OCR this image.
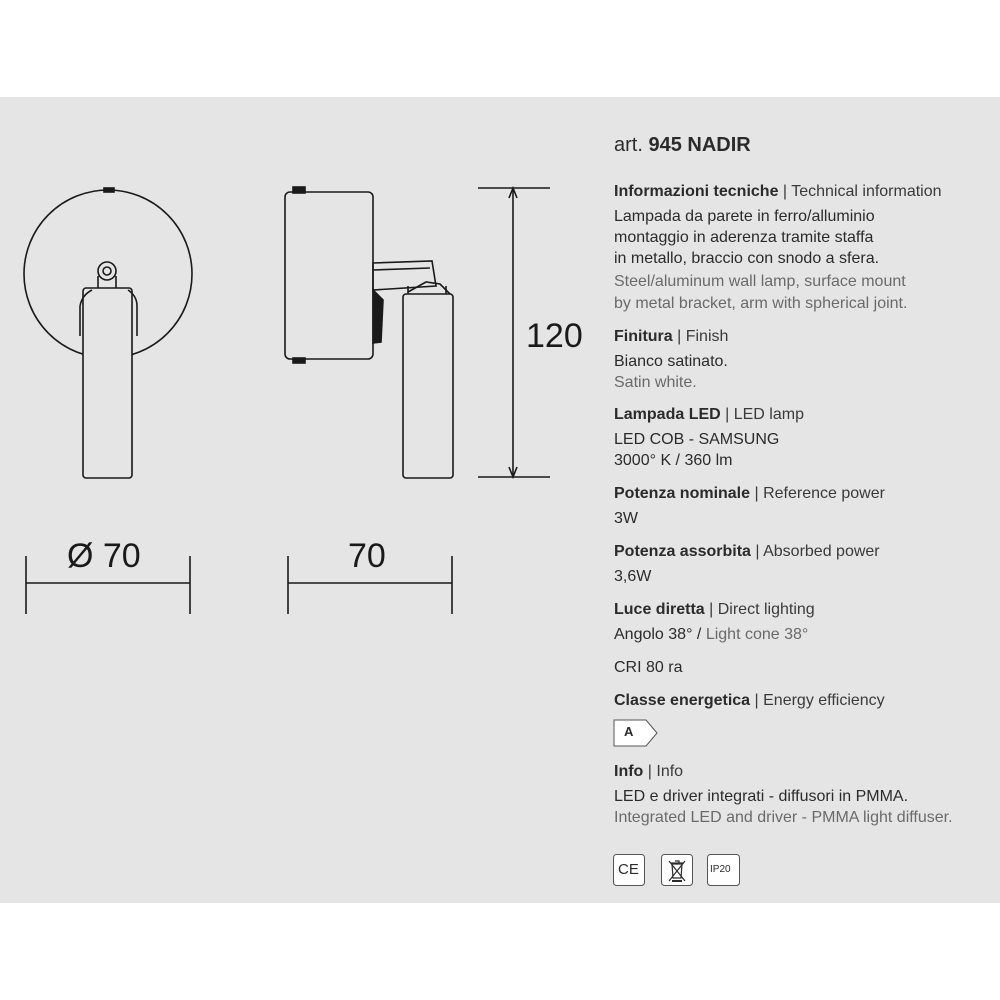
Ø 70	70
120
art. 945 NADIR
Informazioni tecniche | Technical information
Lampada da parete in ferro/alluminio
montaggio in aderenza tramite staffa
in metallo, braccio con snodo a sfera.
Steel/aluminum wall lamp, surface mount
by metal bracket, arm with spherical joint.
Finitura | Finish
Bianco satinato.
Satin white.
Lampada LED | LED lamp
LED COB - SAMSUNG
3000° K / 360 lm
Potenza nominale | Reference power
3W
Potenza assorbita | Absorbed power
3,6W
Luce diretta | Direct lighting
Angolo 38° / Light cone 38°
CRI 80 ra
Classe energetica | Energy efficiency
A
Info | Info
LED e driver integrati - diffusori in PMMA.
Integrated LED and driver - PMMA light diffuser.
CE	IP20
